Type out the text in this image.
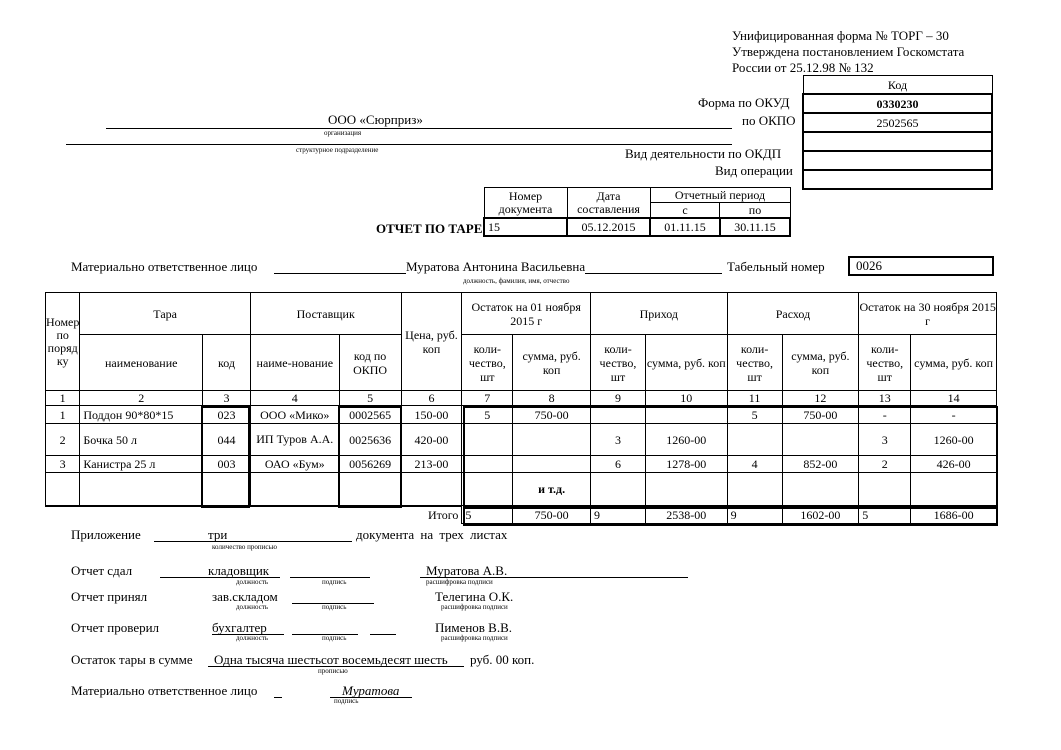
Унифицированная форма № ТОРГ – 30
Утверждена постановлением Госкомстата
России от 25.12.98 № 132
Форма по ОКУД
по ОКПО
Вид деятельности по ОКДП
Вид операции
Код
0330230
2502565

ООО «Сюрприз»
организация
структурное подразделение
ОТЧЕТ ПО ТАРЕ
Номер документа	Дата составления	Отчетный период	
		с	по
15	05.12.2015	01.11.15	30.11.15
Материально ответственное лицо	Муратова Антонина Васильевна
должность, фамилия, имя, отчество
Табельный номер	0026
Номер по поряд ку	Тара		Поставщик		Цена, руб. коп	Остаток на 01 ноября 2015 г		Приход		Расход		Остаток на 30 ноября 2015 г	
	наименование	код	наиме-нование	код по ОКПО		коли-чество, шт	сумма, руб. коп	коли-чество, шт	сумма, руб. коп	коли-чество, шт	сумма, руб. коп	коли-чество, шт	сумма, руб. коп
1	2	3	4	5	6	7	8	9	10	11	12	13	14
1	Поддон 90*80*15	023	ООО «Мико»	0002565	150-00	5	750-00			5	750-00	-	-
2	Бочка 50 л	044	ИП Туров А.А.	0025636	420-00			3	1260-00			3	1260-00
3	Канистра 25 л	003	ОАО «Бум»	0056269	213-00			6	1278-00	4	852-00	2	426-00
							и т.д.						
Итого						5	750-00	9	2538-00	9	1602-00	5	1686-00
Приложение	три
количество прописью
документа на трех листах
Отчет сдал	кладовщик
должность	подпись
Муратова А.В.
расшифровка подписи
Отчет принял	зав.складом
должность	подпись
Телегина О.К.
расшифровка подписи
Отчет проверил	бухгалтер
должность	подпись
Пименов В.В.
расшифровка подписи
Остаток тары в сумме Одна тысяча шестьсот восемьдесят шесть
прописью
руб. 00 коп.
Материально ответственное лицо	Муратова
подпись
